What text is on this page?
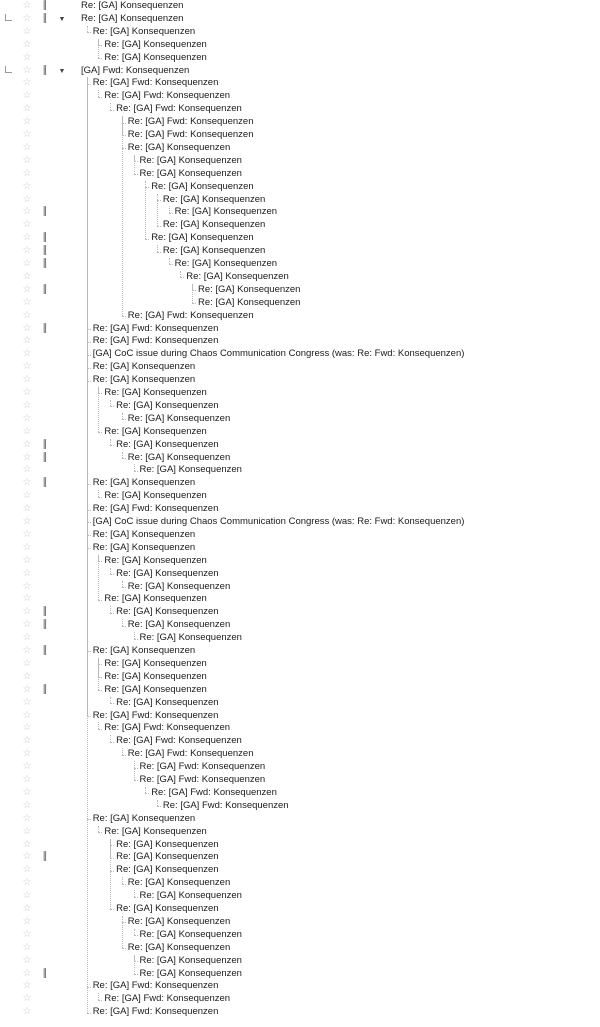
☆ ∥	Re: [GA] Konsequenzen
☆ ∥ ▼ Re: [GA] Konsequenzen
☆	Re: [GA] Konsequenzen
☆	Re: [GA] Konsequenzen
☆	Re: [GA] Konsequenzen
☆ ∥ ▼ [GA] Fwd: Konsequenzen
☆	Re: [GA] Fwd: Konsequenzen
☆	Re: [GA] Fwd: Konsequenzen
☆	Re: [GA] Fwd: Konsequenzen
☆	Re: [GA] Fwd: Konsequenzen
☆	Re: [GA] Fwd: Konsequenzen
☆	Re: [GA] Konsequenzen
☆	Re: [GA] Konsequenzen
☆	Re: [GA] Konsequenzen
☆	Re: [GA] Konsequenzen
☆	Re: [GA] Konsequenzen
☆ ∥	Re: [GA] Konsequenzen
☆	Re: [GA] Konsequenzen
☆ ∥	Re: [GA] Konsequenzen
☆ ∥	Re: [GA] Konsequenzen
☆ ∥	Re: [GA] Konsequenzen
☆	Re: [GA] Konsequenzen
☆ ∥	Re: [GA] Konsequenzen
☆	Re: [GA] Konsequenzen
☆	Re: [GA] Fwd: Konsequenzen
☆ ∥	Re: [GA] Fwd: Konsequenzen
☆	Re: [GA] Fwd: Konsequenzen
☆	[GA] CoC issue during Chaos Communication Congress (was: Re: Fwd: Konsequenzen)
☆	Re: [GA] Konsequenzen
☆	Re: [GA] Konsequenzen
☆	Re: [GA] Konsequenzen
☆	Re: [GA] Konsequenzen
☆	Re: [GA] Konsequenzen
☆	Re: [GA] Konsequenzen
☆ ∥	Re: [GA] Konsequenzen
☆ ∥	Re: [GA] Konsequenzen
☆	Re: [GA] Konsequenzen
☆ ∥	Re: [GA] Konsequenzen
☆	Re: [GA] Konsequenzen
☆	Re: [GA] Fwd: Konsequenzen
☆	[GA] CoC issue during Chaos Communication Congress (was: Re: Fwd: Konsequenzen)
☆	Re: [GA] Konsequenzen
☆	Re: [GA] Konsequenzen
☆	Re: [GA] Konsequenzen
☆	Re: [GA] Konsequenzen
☆	Re: [GA] Konsequenzen
☆	Re: [GA] Konsequenzen
☆ ∥	Re: [GA] Konsequenzen
☆ ∥	Re: [GA] Konsequenzen
☆	Re: [GA] Konsequenzen
☆ ∥	Re: [GA] Konsequenzen
☆	Re: [GA] Konsequenzen
☆	Re: [GA] Konsequenzen
☆ ∥	Re: [GA] Konsequenzen
☆	Re: [GA] Konsequenzen
☆	Re: [GA] Fwd: Konsequenzen
☆	Re: [GA] Fwd: Konsequenzen
☆	Re: [GA] Fwd: Konsequenzen
☆	Re: [GA] Fwd: Konsequenzen
☆	Re: [GA] Fwd: Konsequenzen
☆	Re: [GA] Fwd: Konsequenzen
☆	Re: [GA] Fwd: Konsequenzen
☆	Re: [GA] Fwd: Konsequenzen
☆	Re: [GA] Konsequenzen
☆	Re: [GA] Konsequenzen
☆	Re: [GA] Konsequenzen
☆ ∥	Re: [GA] Konsequenzen
☆	Re: [GA] Konsequenzen
☆	Re: [GA] Konsequenzen
☆	Re: [GA] Konsequenzen
☆	Re: [GA] Konsequenzen
☆	Re: [GA] Konsequenzen
☆	Re: [GA] Konsequenzen
☆	Re: [GA] Konsequenzen
☆	Re: [GA] Konsequenzen
☆ ∥	Re: [GA] Konsequenzen
☆	Re: [GA] Fwd: Konsequenzen
☆	Re: [GA] Fwd: Konsequenzen
☆	Re: [GA] Fwd: Konsequenzen
